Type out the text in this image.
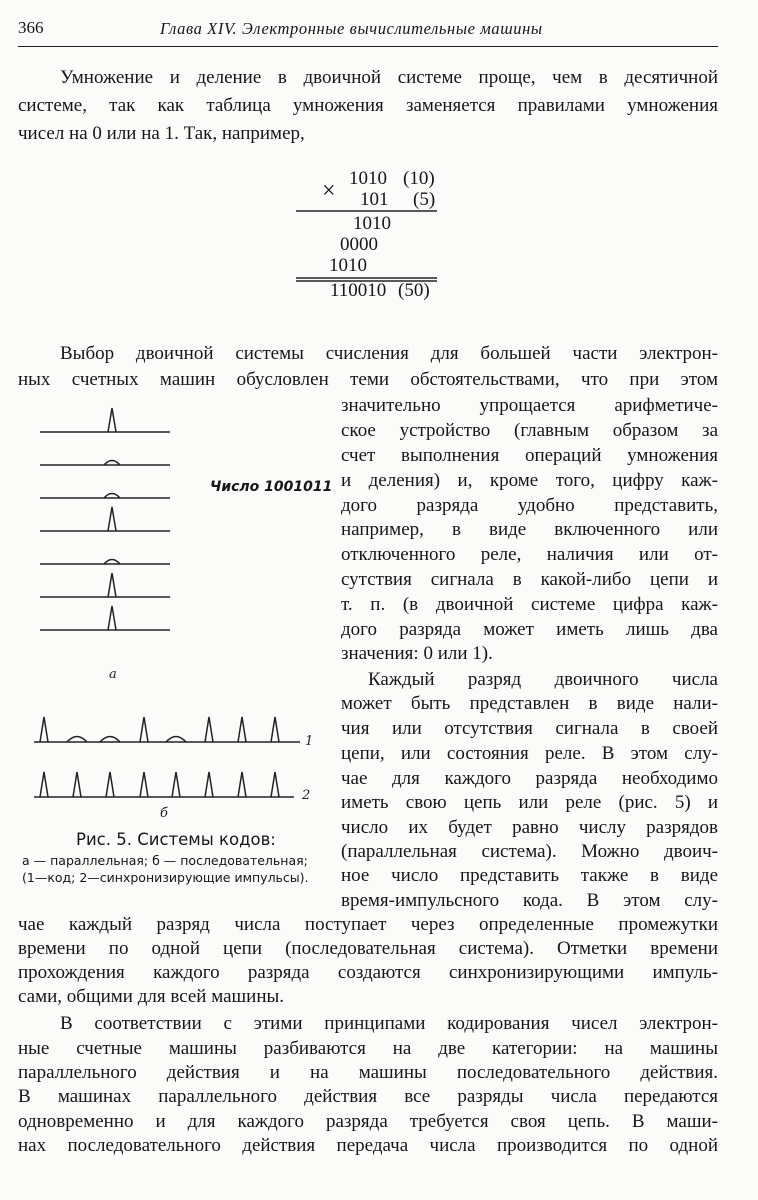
366	Глава XIV. Электронные вычислительные машины
Умножение и деление в двоичной системе проще, чем в десятичной
системе, так как таблица умножения заменяется правилами умножения
чисел на 0 или на 1. Так, например,
× 1010 (10)
101 (5)
1010
0000
1010
110010 (50)
Выбор двоичной системы счисления для большей части электрон-
ных счетных машин обусловлен теми обстоятельствами, что при этом
значительно упрощается арифметиче-
ское устройство (главным образом за
счет выполнения операций умножения
и деления) и, кроме того, цифру каж-
дого разряда удобно представить,
например, в виде включенного или
отключенного реле, наличия или от-
сутствия сигнала в какой-либо цепи и
т. п. (в двоичной системе цифра каж-
дого разряда может иметь лишь два
значения: 0 или 1).
Каждый разряд двоичного числа
может быть представлен в виде нали-
чия или отсутствия сигнала в своей
цепи, или состояния реле. В этом слу-
чае для каждого разряда необходимо
иметь свою цепь или реле (рис. 5) и
число их будет равно числу разрядов
(параллельная система). Можно двоич-
ное число представить также в виде
время-импульсного кода. В этом слу-
чае каждый разряд числа поступает через определенные промежутки
времени по одной цепи (последовательная система). Отметки времени
прохождения каждого разряда создаются синхронизирующими импуль-
сами, общими для всей машины.
В соответствии с этими принципами кодирования чисел электрон-
ные счетные машины разбиваются на две категории: на машины
параллельного действия и на машины последовательного действия.
В машинах параллельного действия все разряды числа передаются
одновременно и для каждого разряда требуется своя цепь. В маши-
нах последовательного действия передача числа производится по одной
а
1
2
б
Число 1001011
Рис. 5. Системы кодов:
а — параллельная; б — последовательная;
(1—код; 2—синхронизирующие импульсы).
